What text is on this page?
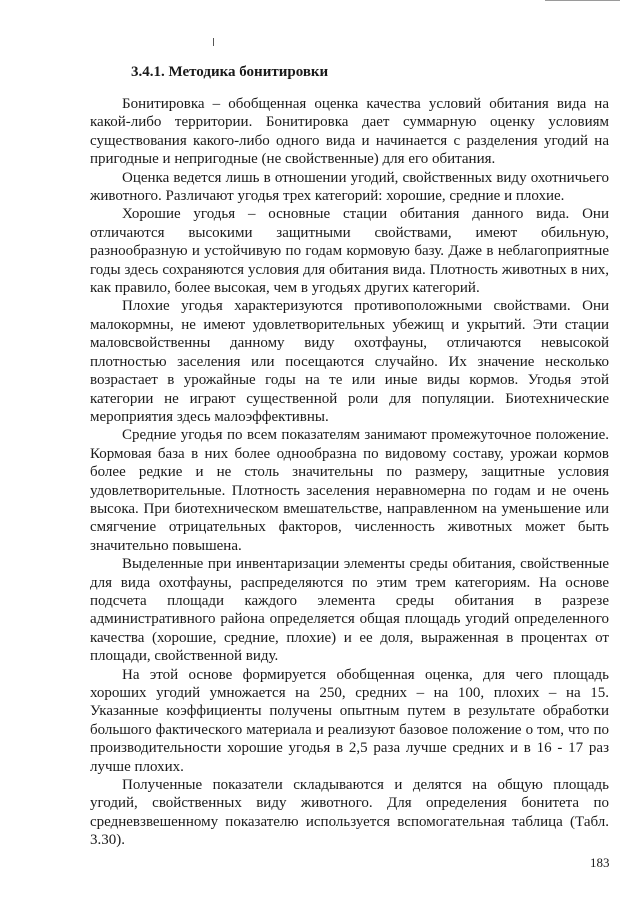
3.4.1. Методика бонитировки

Бонитировка – обобщенная оценка качества условий обитания вида на какой-либо территории. Бонитировка дает суммарную оценку условиям существования какого-либо одного вида и начинается с разделения угодий на пригодные и непригодные (не свойственные) для его обитания.

Оценка ведется лишь в отношении угодий, свойственных виду охотничьего животного. Различают угодья трех категорий: хорошие, средние и плохие.

Хорошие угодья – основные стации обитания данного вида. Они отличаются высокими защитными свойствами, имеют обильную, разнообразную и устойчивую по годам кормовую базу. Даже в неблагоприятные годы здесь сохраняются условия для обитания вида. Плотность животных в них, как правило, более высокая, чем в угодьях других категорий.

Плохие угодья характеризуются противоположными свойствами. Они малокормны, не имеют удовлетворительных убежищ и укрытий. Эти стации маловсвойственны данному виду охотфауны, отличаются невысокой плотностью заселения или посещаются случайно. Их значение несколько возрастает в урожайные годы на те или иные виды кормов. Угодья этой категории не играют существенной роли для популяции. Биотехнические мероприятия здесь малоэффективны.

Средние угодья по всем показателям занимают промежуточное положение. Кормовая база в них более однообразна по видовому составу, урожаи кормов более редкие и не столь значительны по размеру, защитные условия удовлетворительные. Плотность заселения неравномерна по годам и не очень высока. При биотехническом вмешательстве, направленном на уменьшение или смягчение отрицательных факторов, численность животных может быть значительно повышена.

Выделенные при инвентаризации элементы среды обитания, свойственные для вида охотфауны, распределяются по этим трем категориям. На основе подсчета площади каждого элемента среды обитания в разрезе административного района определяется общая площадь угодий определенного качества (хорошие, средние, плохие) и ее доля, выраженная в процентах от площади, свойственной виду.

На этой основе формируется обобщенная оценка, для чего площадь хороших угодий умножается на 250, средних – на 100, плохих – на 15. Указанные коэффициенты получены опытным путем в результате обработки большого фактического материала и реализуют базовое положение о том, что по производительности хорошие угодья в 2,5 раза лучше средних и в 16 - 17 раз лучше плохих.

Полученные показатели складываются и делятся на общую площадь угодий, свойственных виду животного. Для определения бонитета по средневзвешенному показателю используется вспомогательная таблица (Табл. 3.30).

183
